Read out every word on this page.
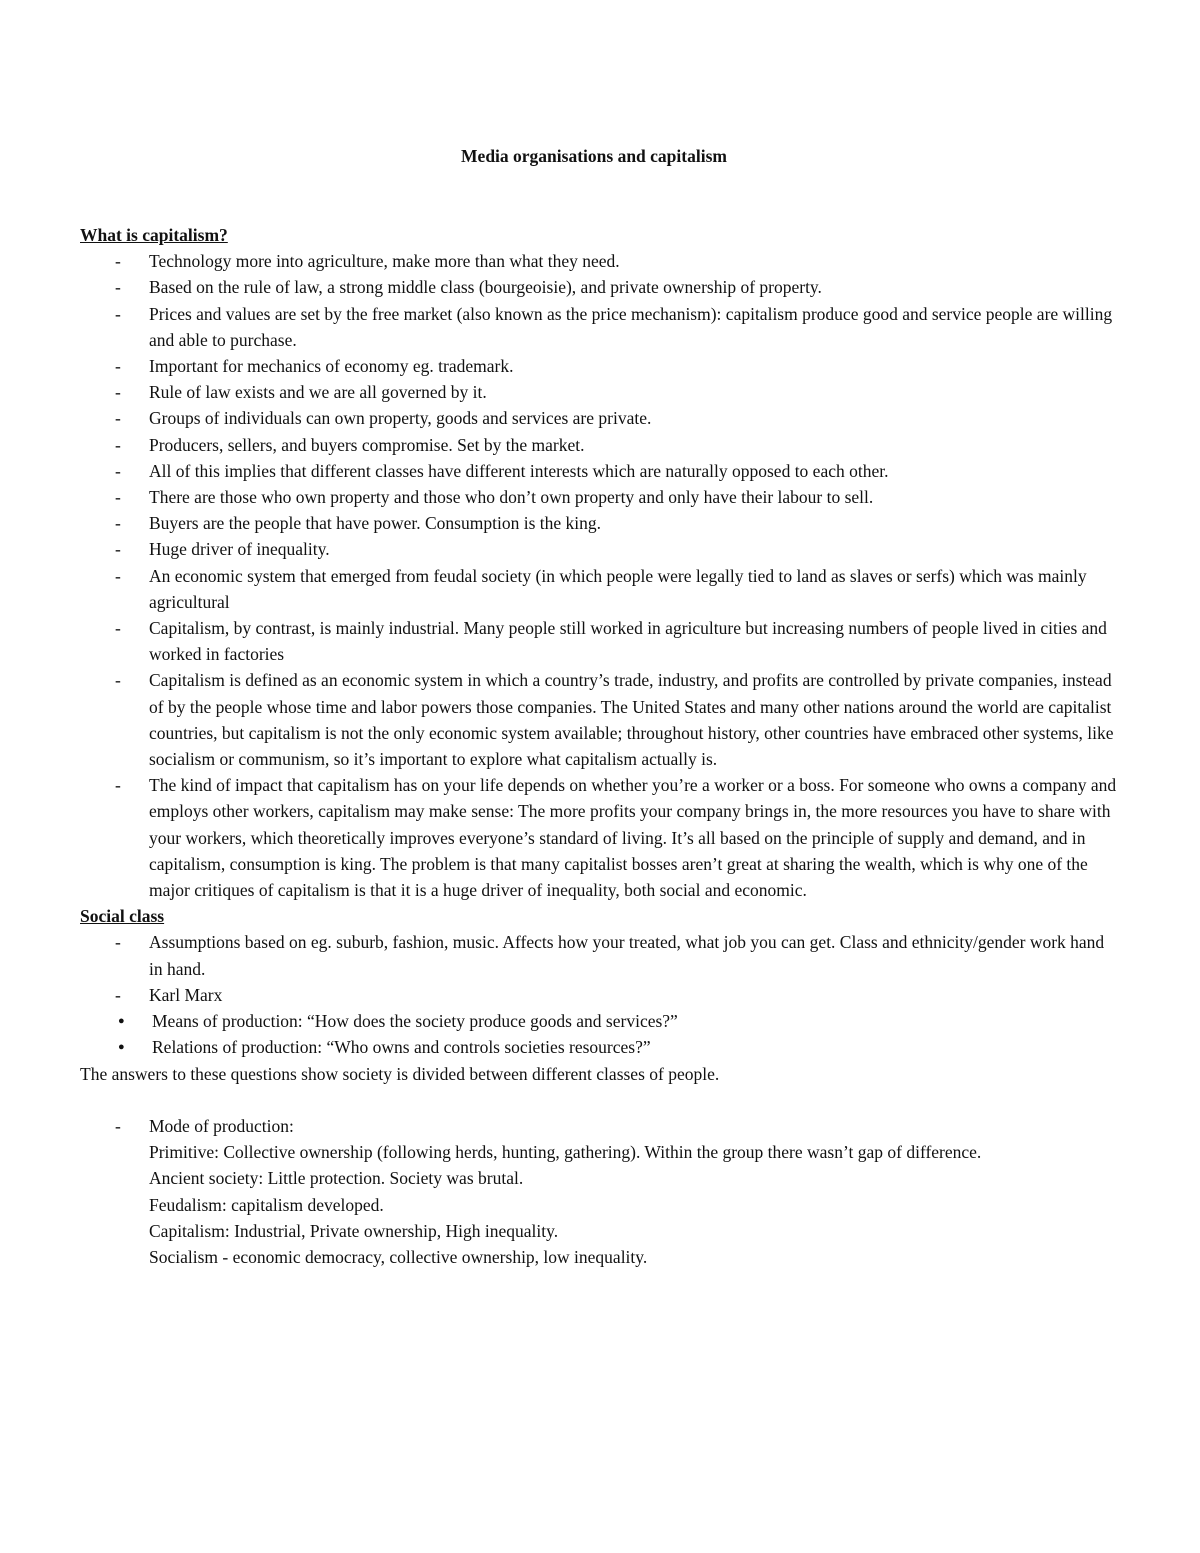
Media organisations and capitalism

What is capitalism?

- Technology more into agriculture, make more than what they need.
- Based on the rule of law, a strong middle class (bourgeoisie), and private ownership of property.
- Prices and values are set by the free market (also known as the price mechanism): capitalism produce good and service people are willing and able to purchase.
- Important for mechanics of economy eg. trademark.
- Rule of law exists and we are all governed by it.
- Groups of individuals can own property, goods and services are private.
- Producers, sellers, and buyers compromise. Set by the market.
- All of this implies that different classes have different interests which are naturally opposed to each other.
- There are those who own property and those who don’t own property and only have their labour to sell.
- Buyers are the people that have power. Consumption is the king.
- Huge driver of inequality.
- An economic system that emerged from feudal society (in which people were legally tied to land as slaves or serfs) which was mainly agricultural
- Capitalism, by contrast, is mainly industrial. Many people still worked in agriculture but increasing numbers of people lived in cities and worked in factories
- Capitalism is defined as an economic system in which a country’s trade, industry, and profits are controlled by private companies, instead of by the people whose time and labor powers those companies. The United States and many other nations around the world are capitalist countries, but capitalism is not the only economic system available; throughout history, other countries have embraced other systems, like socialism or communism, so it’s important to explore what capitalism actually is.
- The kind of impact that capitalism has on your life depends on whether you’re a worker or a boss. For someone who owns a company and employs other workers, capitalism may make sense: The more profits your company brings in, the more resources you have to share with your workers, which theoretically improves everyone’s standard of living. It’s all based on the principle of supply and demand, and in capitalism, consumption is king. The problem is that many capitalist bosses aren’t great at sharing the wealth, which is why one of the major critiques of capitalism is that it is a huge driver of inequality, both social and economic.

Social class

- Assumptions based on eg. suburb, fashion, music. Affects how your treated, what job you can get. Class and ethnicity/gender work hand in hand.
- Karl Marx
● Means of production: “How does the society produce goods and services?”
● Relations of production: “Who owns and controls societies resources?”

The answers to these questions show society is divided between different classes of people.

- Mode of production:
Primitive: Collective ownership (following herds, hunting, gathering). Within the group there wasn’t gap of difference.
Ancient society: Little protection. Society was brutal.
Feudalism: capitalism developed.
Capitalism: Industrial, Private ownership, High inequality.
Socialism - economic democracy, collective ownership, low inequality.
